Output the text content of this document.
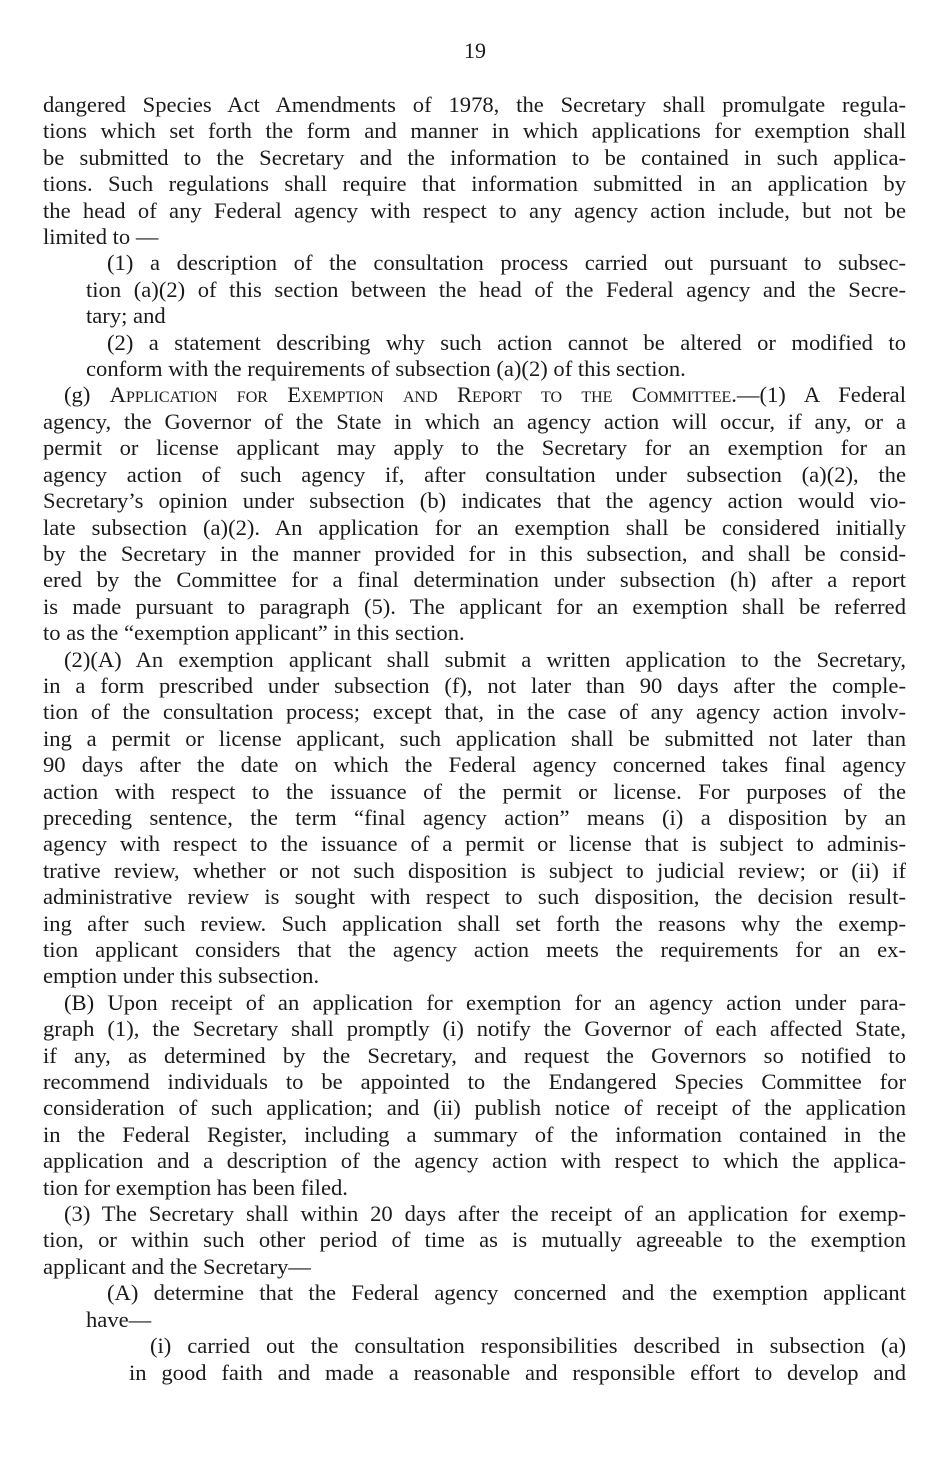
19

dangered Species Act Amendments of 1978, the Secretary shall promulgate regula-
tions which set forth the form and manner in which applications for exemption shall
be submitted to the Secretary and the information to be contained in such applica-
tions. Such regulations shall require that information submitted in an application by
the head of any Federal agency with respect to any agency action include, but not be
limited to —

(1) a description of the consultation process carried out pursuant to subsec-
tion (a)(2) of this section between the head of the Federal agency and the Secre-
tary; and

(2) a statement describing why such action cannot be altered or modified to
conform with the requirements of subsection (a)(2) of this section.

(g) Application for Exemption and Report to the Committee.—(1) A Federal
agency, the Governor of the State in which an agency action will occur, if any, or a
permit or license applicant may apply to the Secretary for an exemption for an
agency action of such agency if, after consultation under subsection (a)(2), the
Secretary’s opinion under subsection (b) indicates that the agency action would vio-
late subsection (a)(2). An application for an exemption shall be considered initially
by the Secretary in the manner provided for in this subsection, and shall be consid-
ered by the Committee for a final determination under subsection (h) after a report
is made pursuant to paragraph (5). The applicant for an exemption shall be referred
to as the “exemption applicant” in this section.

(2)(A) An exemption applicant shall submit a written application to the Secretary,
in a form prescribed under subsection (f), not later than 90 days after the comple-
tion of the consultation process; except that, in the case of any agency action involv-
ing a permit or license applicant, such application shall be submitted not later than
90 days after the date on which the Federal agency concerned takes final agency
action with respect to the issuance of the permit or license. For purposes of the
preceding sentence, the term “final agency action” means (i) a disposition by an
agency with respect to the issuance of a permit or license that is subject to adminis-
trative review, whether or not such disposition is subject to judicial review; or (ii) if
administrative review is sought with respect to such disposition, the decision result-
ing after such review. Such application shall set forth the reasons why the exemp-
tion applicant considers that the agency action meets the requirements for an ex-
emption under this subsection.

(B) Upon receipt of an application for exemption for an agency action under para-
graph (1), the Secretary shall promptly (i) notify the Governor of each affected State,
if any, as determined by the Secretary, and request the Governors so notified to
recommend individuals to be appointed to the Endangered Species Committee for
consideration of such application; and (ii) publish notice of receipt of the application
in the Federal Register, including a summary of the information contained in the
application and a description of the agency action with respect to which the applica-
tion for exemption has been filed.

(3) The Secretary shall within 20 days after the receipt of an application for exemp-
tion, or within such other period of time as is mutually agreeable to the exemption
applicant and the Secretary—

(A) determine that the Federal agency concerned and the exemption applicant
have—

(i) carried out the consultation responsibilities described in subsection (a)
in good faith and made a reasonable and responsible effort to develop and
